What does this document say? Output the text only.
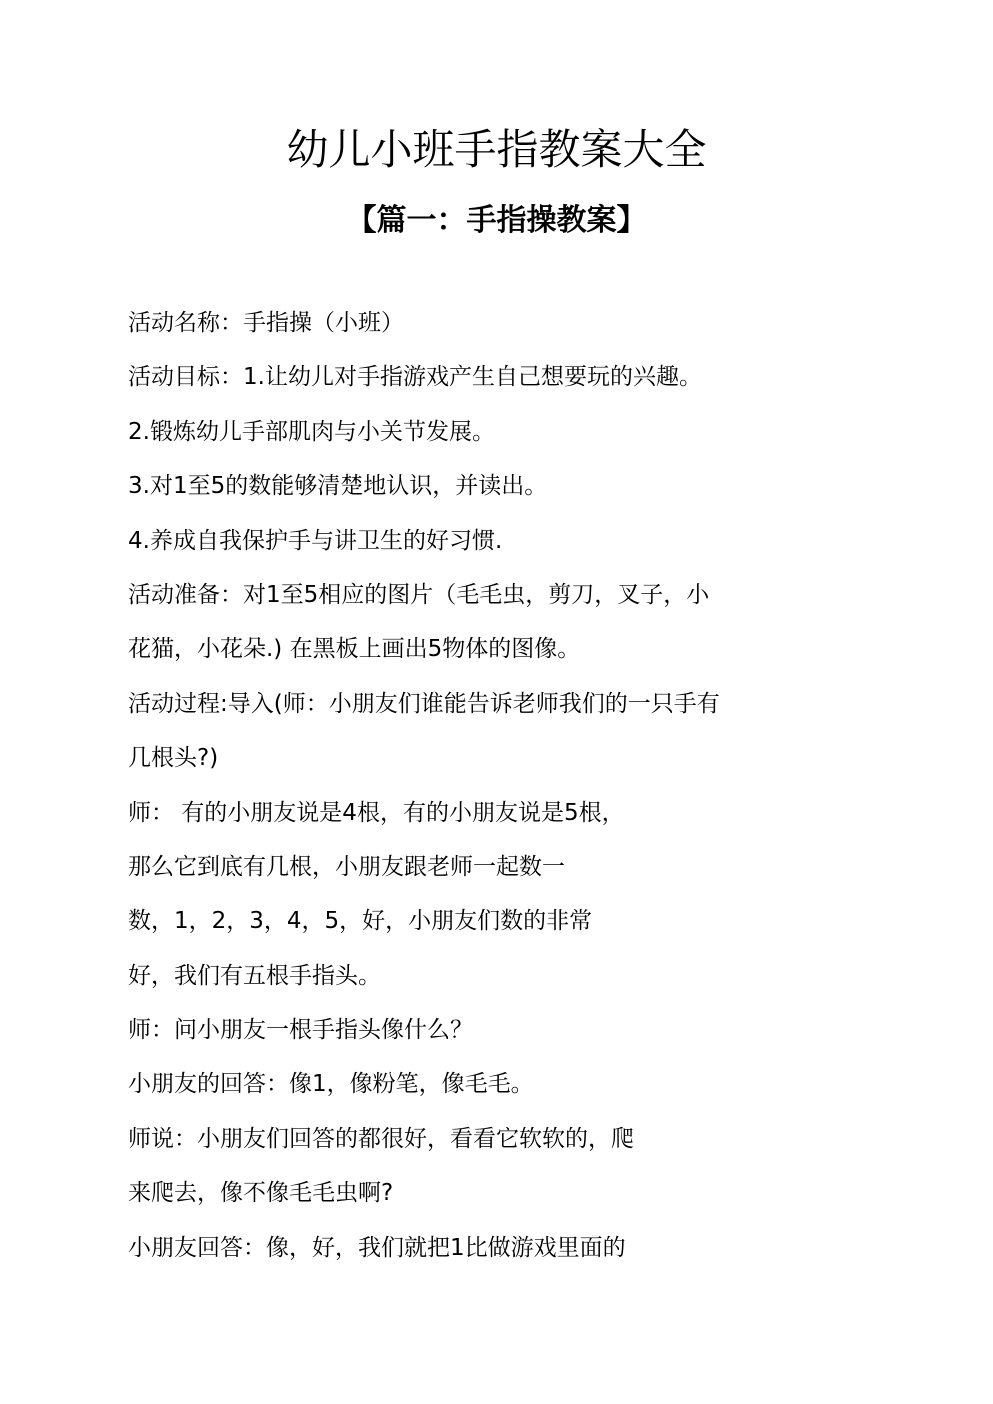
幼儿小班手指教案大全
【篇一：手指操教案】

活动名称：手指操（小班）

活动目标：1.让幼儿对手指游戏产生自己想要玩的兴趣。

2.锻炼幼儿手部肌肉与小关节发展。

3.对1至5的数能够清楚地认识，并读出。

4.养成自我保护手与讲卫生的好习惯.

活动准备：对1至5相应的图片（毛毛虫，剪刀，叉子，小

花猫，小花朵.) 在黑板上画出5物体的图像。

活动过程:导入(师：小朋友们谁能告诉老师我们的一只手有

几根头?)

师： 有的小朋友说是4根，有的小朋友说是5根，

那么它到底有几根，小朋友跟老师一起数一

数，1，2，3，4，5，好，小朋友们数的非常

好，我们有五根手指头。

师：问小朋友一根手指头像什么？

小朋友的回答：像1，像粉笔，像毛毛。

师说：小朋友们回答的都很好，看看它软软的，爬

来爬去，像不像毛毛虫啊?

小朋友回答：像，好，我们就把1比做游戏里面的
